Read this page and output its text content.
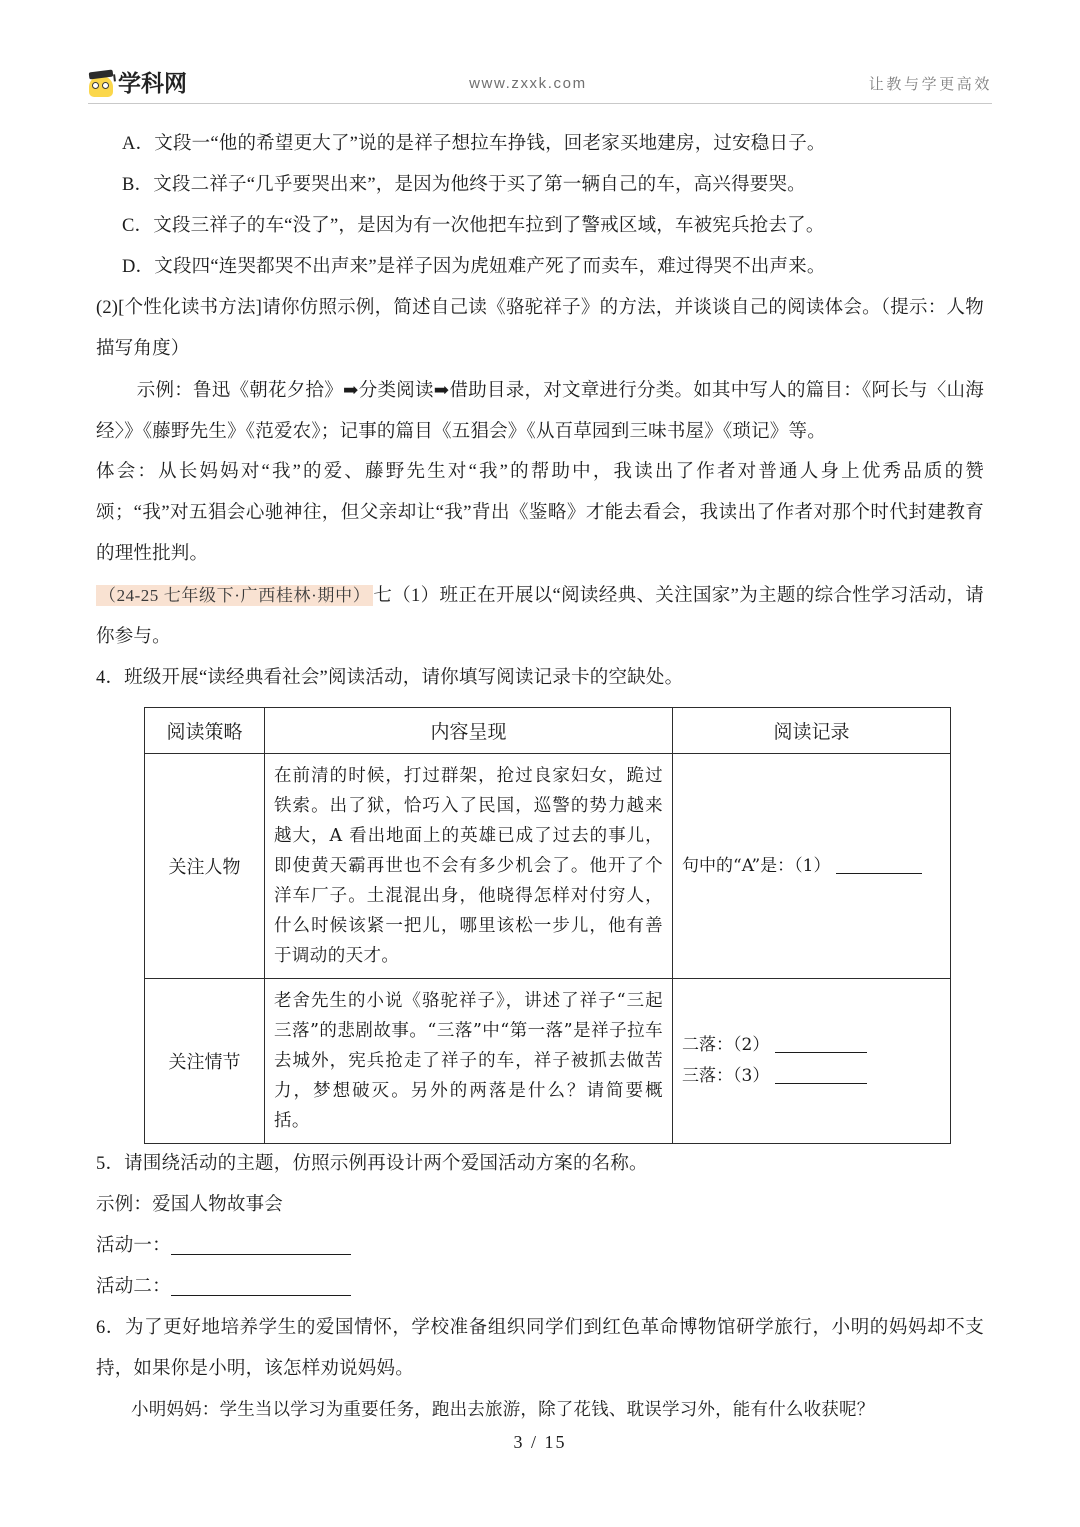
学科网	www.zxxk.com	让教与学更高效

A．文段一“他的希望更大了”说的是祥子想拉车挣钱，回老家买地建房，过安稳日子。

B．文段二祥子“几乎要哭出来”，是因为他终于买了第一辆自己的车，高兴得要哭。

C．文段三祥子的车“没了”，是因为有一次他把车拉到了警戒区域，车被宪兵抢去了。

D．文段四“连哭都哭不出声来”是祥子因为虎妞难产死了而卖车，难过得哭不出声来。

(2)[个性化读书方法]请你仿照示例，简述自己读《骆驼祥子》的方法，并谈谈自己的阅读体会。（提示：人物描写角度）

示例：鲁迅《朝花夕拾》➡分类阅读➡借助目录，对文章进行分类。如其中写人的篇目：《阿长与〈山海经〉》《藤野先生》《范爱农》；记事的篇目《五猖会》《从百草园到三味书屋》《琐记》等。

体会：从长妈妈对“我”的爱、藤野先生对“我”的帮助中，我读出了作者对普通人身上优秀品质的赞颂；“我”对五猖会心驰神往，但父亲却让“我”背出《鉴略》才能去看会，我读出了作者对那个时代封建教育的理性批判。

（24-25 七年级下·广西桂林·期中） 七（1）班正在开展以“阅读经典、关注国家”为主题的综合性学习活动，请你参与。

4．班级开展“读经典看社会”阅读活动，请你填写阅读记录卡的空缺处。

阅读策略	内容呈现	阅读记录
关注人物	在前清的时候，打过群架，抢过良家妇女，跪过铁索。出了狱，恰巧入了民国，巡警的势力越来越大，A 看出地面上的英雄已成了过去的事儿，即使黄天霸再世也不会有多少机会了。他开了个洋车厂子。土混混出身，他晓得怎样对付穷人，什么时候该紧一把儿，哪里该松一步儿，他有善于调动的天才。	句中的“A”是：（1）

关注情节	老舍先生的小说《骆驼祥子》，讲述了祥子“三起三落”的悲剧故事。“三落”中“第一落”是祥子拉车去城外，宪兵抢走了祥子的车，祥子被抓去做苦力，梦想破灭。另外的两落是什么？请简要概括。	二落：（2）
三落：（3）

5．请围绕活动的主题，仿照示例再设计两个爱国活动方案的名称。

示例：爱国人物故事会

活动一：

活动二：

6．为了更好地培养学生的爱国情怀，学校准备组织同学们到红色革命博物馆研学旅行，小明的妈妈却不支持，如果你是小明，该怎样劝说妈妈。

小明妈妈：学生当以学习为重要任务，跑出去旅游，除了花钱、耽误学习外，能有什么收获呢？

3 / 15
